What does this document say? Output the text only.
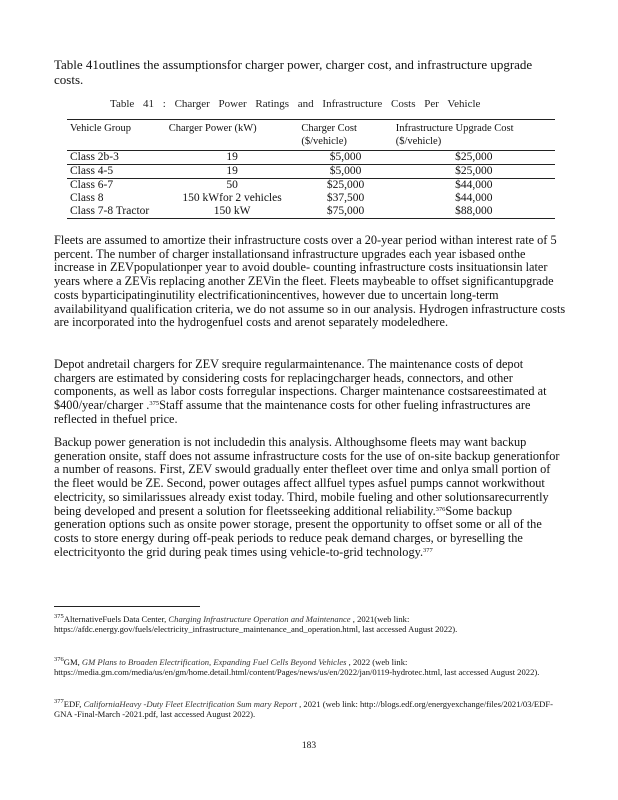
Table 41outlines the assumptionsfor charger power, charger cost, and infrastructure upgrade costs.
Table 41 : Charger Power Ratings and Infrastructure Costs Per Vehicle
Vehicle Group	Charger Power (kW)	Charger Cost ($/vehicle)	Infrastructure Upgrade Cost ($/vehicle)
Class 2b-3	19	$5,000	$25,000
Class 4-5	19	$5,000	$25,000
Class 6-7	50	$25,000	$44,000
Class 8	150 kWfor 2 vehicles	$37,500	$44,000
Class 7-8 Tractor	150 kW	$75,000	$88,000

Fleets are assumed to amortize their infrastructure costs over a 20-year period withan interest rate of 5 percent. The number of charger installationsand infrastructure upgrades each year isbased onthe increase in ZEVpopulationper year to avoid double- counting infrastructure costs insituationsin later years where a ZEVis replacing another ZEVin the fleet. Fleets maybeable to offset significantupgrade costs byparticipatinginutility electrificationincentives, however due to uncertain long-term availabilityand qualification criteria, we do not assume so in our analysis. Hydrogen infrastructure costs are incorporated into the hydrogenfuel costs and arenot separately modeledhere.

Depot andretail chargers for ZEV srequire regularmaintenance. The maintenance costs of depot chargers are estimated by considering costs for replacingcharger heads, connectors, and other components, as well as labor costs forregular inspections. Charger maintenance costsareestimated at $400/year/charger .$^{375}$Staff assume that the maintenance costs for other fueling infrastructures are reflected in thefuel price.

Backup power generation is not includedin this analysis. Althoughsome fleets may want backup generation onsite, staff does not assume infrastructure costs for the use of on-site backup generationfor a number of reasons. First, ZEV swould gradually enter thefleet over time and onlya small portion of the fleet would be ZE. Second, power outages affect allfuel types asfuel pumps cannot workwithout electricity, so similarissues already exist today. Third, mobile fueling and other solutionsarecurrently being developed and present a solution for fleetsseeking additional reliability.$^{376}$Some backup generation options such as onsite power storage, present the opportunity to offset some or all of the costs to store energy during off-peak periods to reduce peak demand charges, or byreselling the electricityonto the grid during peak times using vehicle-to-grid technology.$^{377}$

$^{375}$AlternativeFuels Data Center, Charging Infrastructure Operation and Maintenance , 2021(web link: https://afdc.energy.gov/fuels/electricity_infrastructure_maintenance_and_operation.html, last accessed August 2022).

$^{376}$GM, GM Plans to Broaden Electrification, Expanding Fuel Cells Beyond Vehicles , 2022 (web link: https://media.gm.com/media/us/en/gm/home.detail.html/content/Pages/news/us/en/2022/jan/0119-hydrotec.html, last accessed August 2022).

$^{377}$EDF, CaliforniaHeavy -Duty Fleet Electrification Sum mary Report , 2021 (web link: http://blogs.edf.org/energyexchange/files/2021/03/EDF-GNA -Final-March -2021.pdf, last accessed August 2022).

183
